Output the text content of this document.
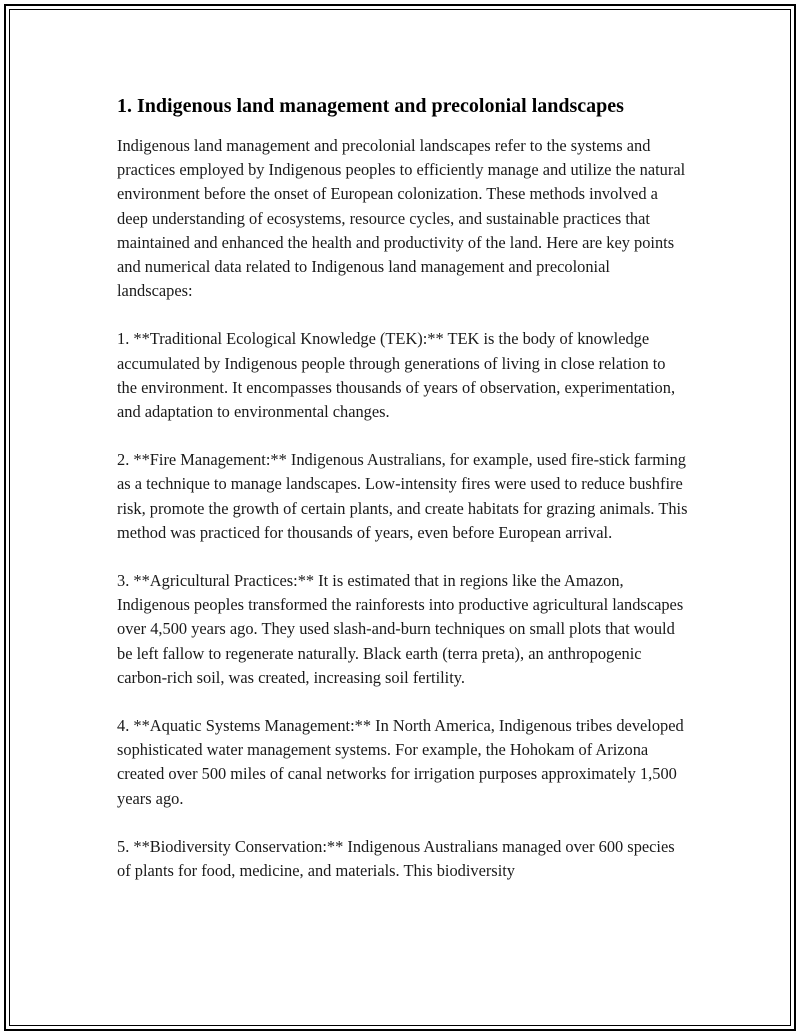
1. Indigenous land management and precolonial landscapes

Indigenous land management and precolonial landscapes refer to the systems and practices employed by Indigenous peoples to efficiently manage and utilize the natural environment before the onset of European colonization. These methods involved a deep understanding of ecosystems, resource cycles, and sustainable practices that maintained and enhanced the health and productivity of the land. Here are key points and numerical data related to Indigenous land management and precolonial landscapes:

1. **Traditional Ecological Knowledge (TEK):** TEK is the body of knowledge accumulated by Indigenous people through generations of living in close relation to the environment. It encompasses thousands of years of observation, experimentation, and adaptation to environmental changes.

2. **Fire Management:** Indigenous Australians, for example, used fire-stick farming as a technique to manage landscapes. Low-intensity fires were used to reduce bushfire risk, promote the growth of certain plants, and create habitats for grazing animals. This method was practiced for thousands of years, even before European arrival.

3. **Agricultural Practices:** It is estimated that in regions like the Amazon, Indigenous peoples transformed the rainforests into productive agricultural landscapes over 4,500 years ago. They used slash-and-burn techniques on small plots that would be left fallow to regenerate naturally. Black earth (terra preta), an anthropogenic carbon-rich soil, was created, increasing soil fertility.

4. **Aquatic Systems Management:** In North America, Indigenous tribes developed sophisticated water management systems. For example, the Hohokam of Arizona created over 500 miles of canal networks for irrigation purposes approximately 1,500 years ago.

5. **Biodiversity Conservation:** Indigenous Australians managed over 600 species of plants for food, medicine, and materials. This biodiversity
